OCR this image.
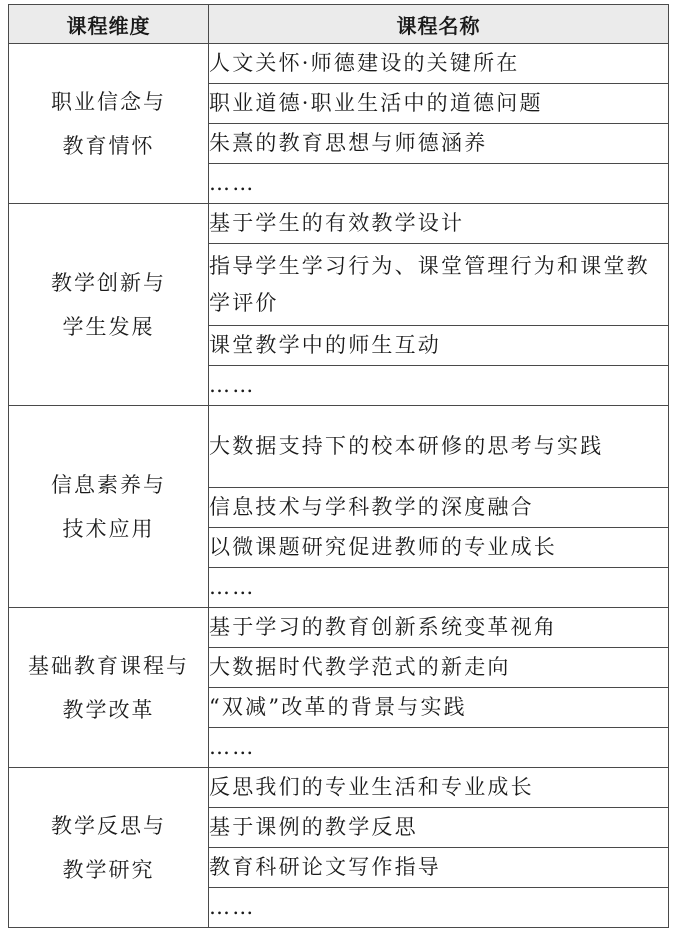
课程维度	课程名称

职业信念与
教育情怀	人文关怀·师德建设的关键所在
	职业道德·职业生活中的道德问题
	朱熹的教育思想与师德涵养
	……

教学创新与
学生发展	基于学生的有效教学设计
	指导学生学习行为、课堂管理行为和课堂教学评价
	课堂教学中的师生互动
	……

信息素养与
技术应用	大数据支持下的校本研修的思考与实践
	信息技术与学科教学的深度融合
	以微课题研究促进教师的专业成长
	……

基础教育课程与
教学改革	基于学习的教育创新系统变革视角
	大数据时代教学范式的新走向
	“双减”改革的背景与实践
	……

教学反思与
教学研究	反思我们的专业生活和专业成长
	基于课例的教学反思
	教育科研论文写作指导
	……
